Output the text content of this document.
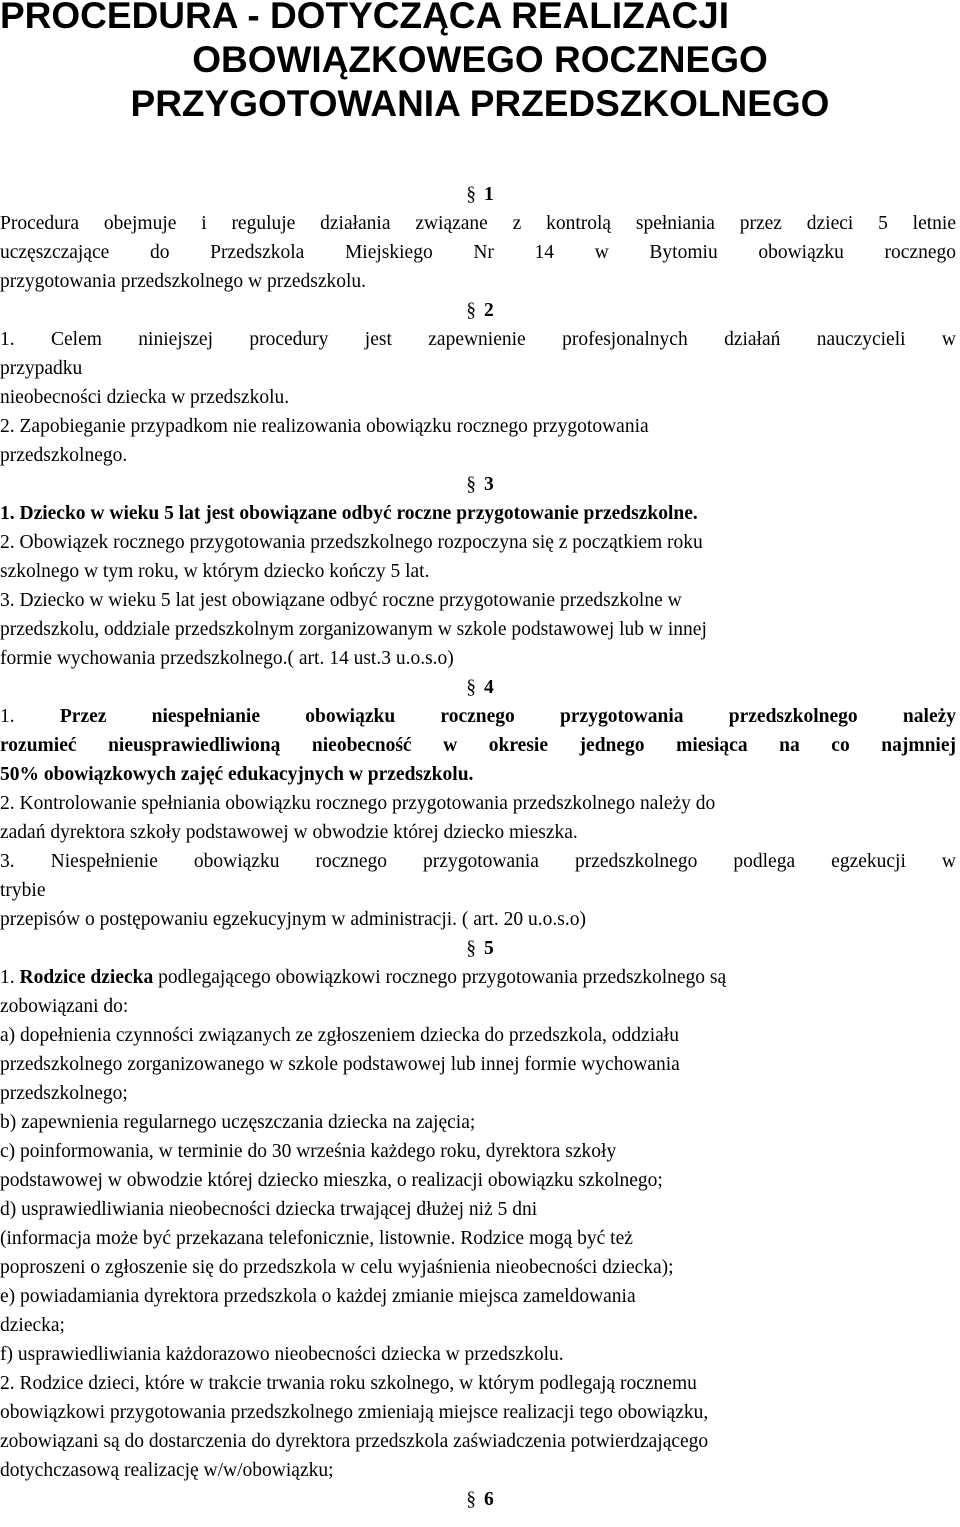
PROCEDURA - DOTYCZĄCA REALIZACJI
OBOWIĄZKOWEGO ROCZNEGO
PRZYGOTOWANIA PRZEDSZKOLNEGO
§ 1

Procedura obejmuje i reguluje działania związane z kontrolą spełniania przez dzieci 5 letnie

uczęszczające do Przedszkola Miejskiego Nr 14 w Bytomiu obowiązku rocznego

przygotowania przedszkolnego w przedszkolu.

§ 2

1. Celem niniejszej procedury jest zapewnienie profesjonalnych działań nauczycieli w

przypadku

nieobecności dziecka w przedszkolu.

2. Zapobieganie przypadkom nie realizowania obowiązku rocznego przygotowania

przedszkolnego.

§ 3

1. Dziecko w wieku 5 lat jest obowiązane odbyć roczne przygotowanie przedszkolne.

2. Obowiązek rocznego przygotowania przedszkolnego rozpoczyna się z początkiem roku

szkolnego w tym roku, w którym dziecko kończy 5 lat.

3. Dziecko w wieku 5 lat jest obowiązane odbyć roczne przygotowanie przedszkolne w

przedszkolu, oddziale przedszkolnym zorganizowanym w szkole podstawowej lub w innej

formie wychowania przedszkolnego.( art. 14 ust.3 u.o.s.o)

§ 4

1. Przez niespełnianie obowiązku rocznego przygotowania przedszkolnego należy

rozumieć nieusprawiedliwioną nieobecność w okresie jednego miesiąca na co najmniej

50% obowiązkowych zajęć edukacyjnych w przedszkolu.

2. Kontrolowanie spełniania obowiązku rocznego przygotowania przedszkolnego należy do

zadań dyrektora szkoły podstawowej w obwodzie której dziecko mieszka.

3. Niespełnienie obowiązku rocznego przygotowania przedszkolnego podlega egzekucji w

trybie

przepisów o postępowaniu egzekucyjnym w administracji. ( art. 20 u.o.s.o)

§ 5

1. Rodzice dziecka podlegającego obowiązkowi rocznego przygotowania przedszkolnego są

zobowiązani do:

a) dopełnienia czynności związanych ze zgłoszeniem dziecka do przedszkola, oddziału

przedszkolnego zorganizowanego w szkole podstawowej lub innej formie wychowania

przedszkolnego;

b) zapewnienia regularnego uczęszczania dziecka na zajęcia;

c) poinformowania, w terminie do 30 września każdego roku, dyrektora szkoły

podstawowej w obwodzie której dziecko mieszka, o realizacji obowiązku szkolnego;

d) usprawiedliwiania nieobecności dziecka trwającej dłużej niż 5 dni

(informacja może być przekazana telefonicznie, listownie. Rodzice mogą być też

poproszeni o zgłoszenie się do przedszkola w celu wyjaśnienia nieobecności dziecka);

e) powiadamiania dyrektora przedszkola o każdej zmianie miejsca zameldowania

dziecka;

f) usprawiedliwiania każdorazowo nieobecności dziecka w przedszkolu.

2. Rodzice dzieci, które w trakcie trwania roku szkolnego, w którym podlegają rocznemu

obowiązkowi przygotowania przedszkolnego zmieniają miejsce realizacji tego obowiązku,

zobowiązani są do dostarczenia do dyrektora przedszkola zaświadczenia potwierdzającego

dotychczasową realizację w/w/obowiązku;

§ 6
